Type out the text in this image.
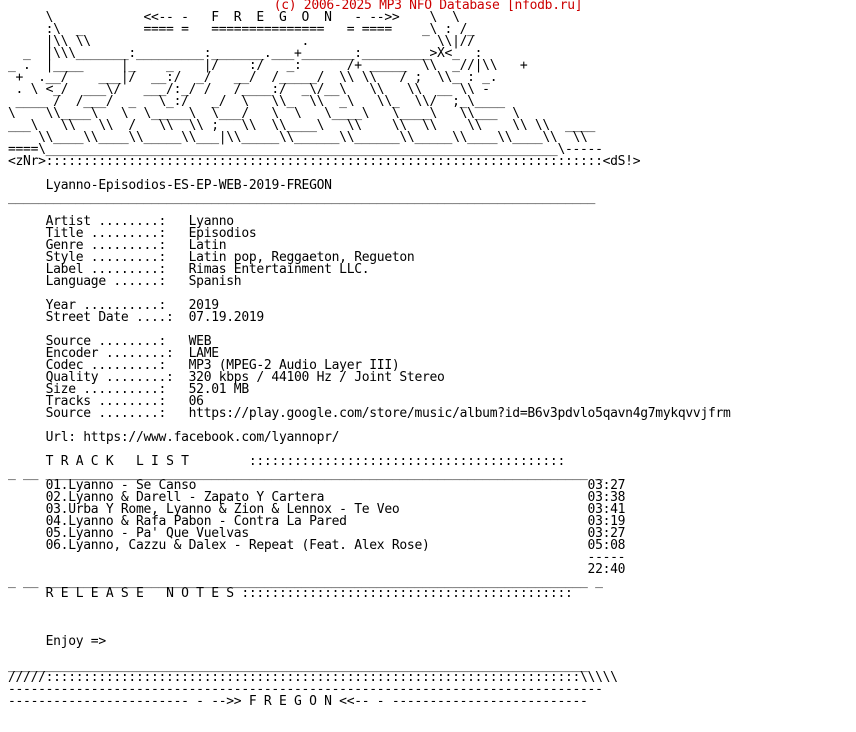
(c) 2006-2025 MP3 NFO Database [nfodb.ru]

\            <<-- -   F  R  E  G  O  N   - -->>    \  \
:\  _        ==== =   ===============   = ====    _\ : /_
|\\ \\                            .                 \\|//
_  |\\\_______:_________:_______.___+_______:_________>X<_  :
_ .  |____     |_    _    |/    :/   _:      /+ _____  \\  _//|\\   +
+  .__/    ___|/  __:/  _/   __/  /_____/  \\ \\   / ;  \\_ : _.
. \ <_/  ___\/   ___/:_/ /   /____:/  _\/__\   \\   \\  __ \\ -
____ /  /___/  _   \_:/   _/  \   \\_  \\  _\   \\_  \\/  ;_\____
\    \\____\   \  \_____\  \___/   \  \   \____\   \____\   \\___  \
___\   \\   \\  /   \\  \\ ;   \\  \\____\   \\    \\  \\    \\    \\ \\  ____
\\____\\____\\_____\\___|\\_____\\______\\______\\_____\\____\\____\\  \\
====\____________________________________________________________________\-----
<zNr>::::::::::::::::::::::::::::::::::::::::::::::::::::::::::::::::::::::::::<dS!>

Lyanno-Episodios-ES-EP-WEB-2019-FREGON
______________________________________________________________________________

Artist ........:   Lyanno
Title .........:   Episodios
Genre .........:   Latin
Style .........:   Latin pop, Reggaeton, Regueton
Label .........:   Rimas Entertainment LLC.
Language ......:   Spanish

Year ..........:   2019
Street Date ....:  07.19.2019

Source ........:   WEB
Encoder ........:  LAME
Codec .........:   MP3 (MPEG-2 Audio Layer III)
Quality ........:  320 kbps / 44100 Hz / Joint Stereo
Size ..........:   52.01 MB
Tracks ........:   06
Source ........:   https://play.google.com/store/music/album?id=B6v3pdvlo5qavn4g7mykqvvjfrm

Url: https://www.facebook.com/lyannopr/

T R A C K   L I S T        ::::::::::::::::::::::::::::::::::::::::::
_ __ ________________________________________________________________________ _
01.Lyanno - Se Canso                                                    03:27
02.Lyanno & Darell - Zapato Y Cartera                                   03:38
03.Urba Y Rome, Lyanno & Zion & Lennox - Te Veo                         03:41
04.Lyanno & Rafa Pabon - Contra La Pared                                03:19
05.Lyanno - Pa' Que Vuelvas                                             03:27
06.Lyanno, Cazzu & Dalex - Repeat (Feat. Alex Rose)                     05:08
-----
22:40
_ __ ________________________________________________________________________ _
R E L E A S E   N O T E S ::::::::::::::::::::::::::::::::::::::::::::

Enjoy =>

_____________________________________________________________________________
/////:::::::::::::::::::::::::::::::::::::::::::::::::::::::::::::::::::::::\\\\\
-------------------------------------------------------------------------------
------------------------ - -->> F R E G O N <<-- - --------------------------
